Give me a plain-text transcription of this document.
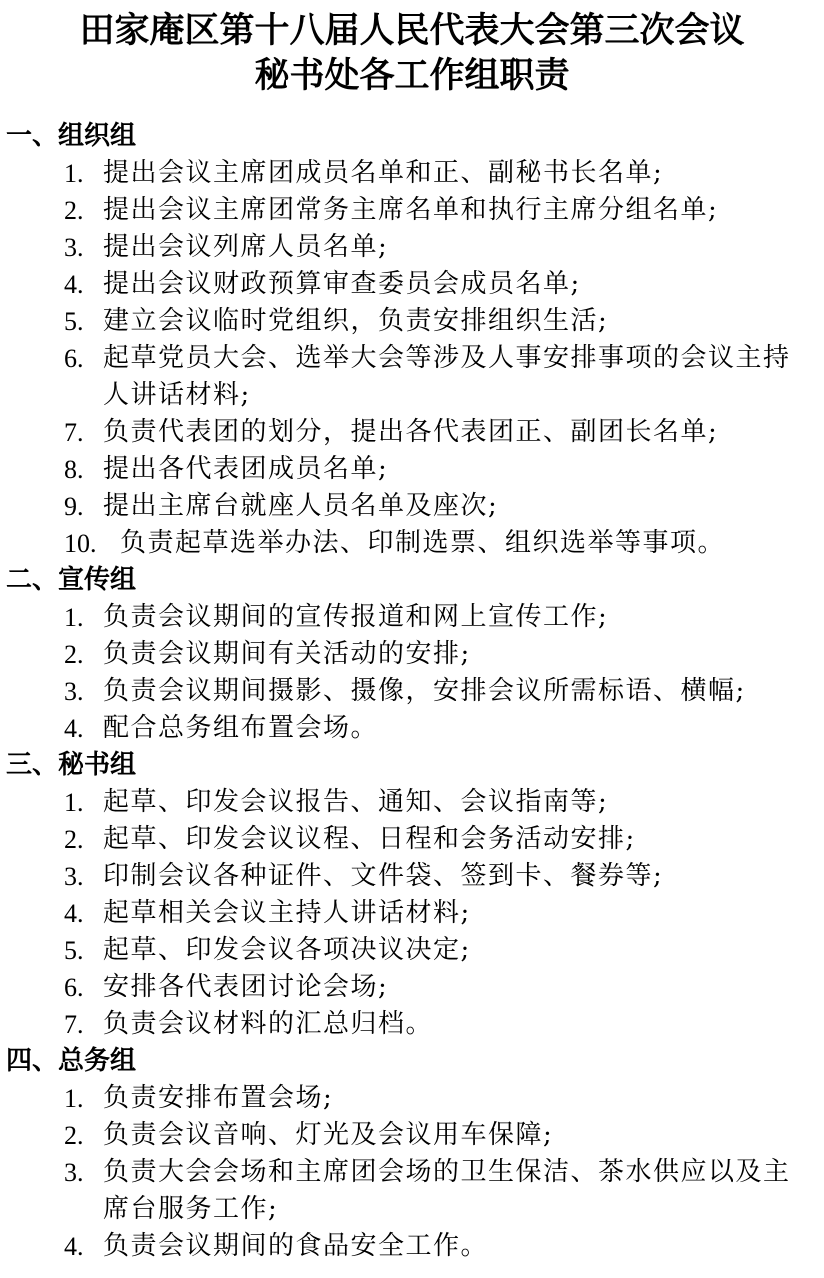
田家庵区第十八届人民代表大会第三次会议
秘书处各工作组职责
一、组织组
1. 提出会议主席团成员名单和正、副秘书长名单;
2. 提出会议主席团常务主席名单和执行主席分组名单;
3. 提出会议列席人员名单;
4. 提出会议财政预算审查委员会成员名单;
5. 建立会议临时党组织，负责安排组织生活;
6. 起草党员大会、选举大会等涉及人事安排事项的会议主持人讲话材料;
7. 负责代表团的划分，提出各代表团正、副团长名单;
8. 提出各代表团成员名单;
9. 提出主席台就座人员名单及座次;
10. 负责起草选举办法、印制选票、组织选举等事项。
二、宣传组
1. 负责会议期间的宣传报道和网上宣传工作;
2. 负责会议期间有关活动的安排;
3. 负责会议期间摄影、摄像，安排会议所需标语、横幅;
4. 配合总务组布置会场。
三、秘书组
1. 起草、印发会议报告、通知、会议指南等;
2. 起草、印发会议议程、日程和会务活动安排;
3. 印制会议各种证件、文件袋、签到卡、餐券等;
4. 起草相关会议主持人讲话材料;
5. 起草、印发会议各项决议决定;
6. 安排各代表团讨论会场;
7. 负责会议材料的汇总归档。
四、总务组
1. 负责安排布置会场;
2. 负责会议音响、灯光及会议用车保障;
3. 负责大会会场和主席团会场的卫生保洁、茶水供应以及主席台服务工作;
4. 负责会议期间的食品安全工作。
